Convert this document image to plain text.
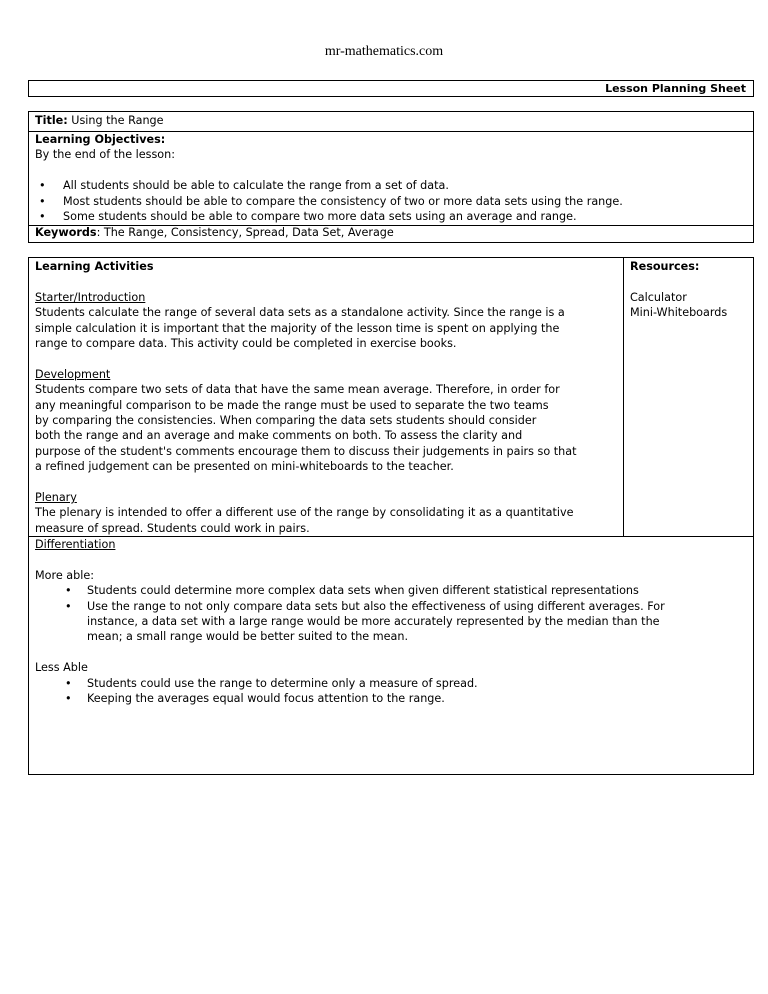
mr-mathematics.com
Lesson Planning Sheet
Title: Using the Range

Learning Objectives:

By the end of the lesson:

• All students should be able to calculate the range from a set of data.
• Most students should be able to compare the consistency of two or more data sets using the range.
• Some students should be able to compare two more data sets using an average and range.
Keywords: The Range, Consistency, Spread, Data Set, Average

Learning Activities

Starter/Introduction

Students calculate the range of several data sets as a standalone activity. Since the range is a

simple calculation it is important that the majority of the lesson time is spent on applying the

range to compare data. This activity could be completed in exercise books.

Development

Students compare two sets of data that have the same mean average. Therefore, in order for

any meaningful comparison to be made the range must be used to separate the two teams

by comparing the consistencies. When comparing the data sets students should consider

both the range and an average and make comments on both. To assess the clarity and

purpose of the student's comments encourage them to discuss their judgements in pairs so that

a refined judgement can be presented on mini-whiteboards to the teacher.

Plenary

The plenary is intended to offer a different use of the range by consolidating it as a quantitative

measure of spread. Students could work in pairs.

Resources:

Calculator

Mini-Whiteboards

Differentiation

More able:

• Students could determine more complex data sets when given different statistical representations
• Use the range to not only compare data sets but also the effectiveness of using different averages. For
instance, a data set with a large range would be more accurately represented by the median than the
mean; a small range would be better suited to the mean.

Less Able

• Students could use the range to determine only a measure of spread.
• Keeping the averages equal would focus attention to the range.
